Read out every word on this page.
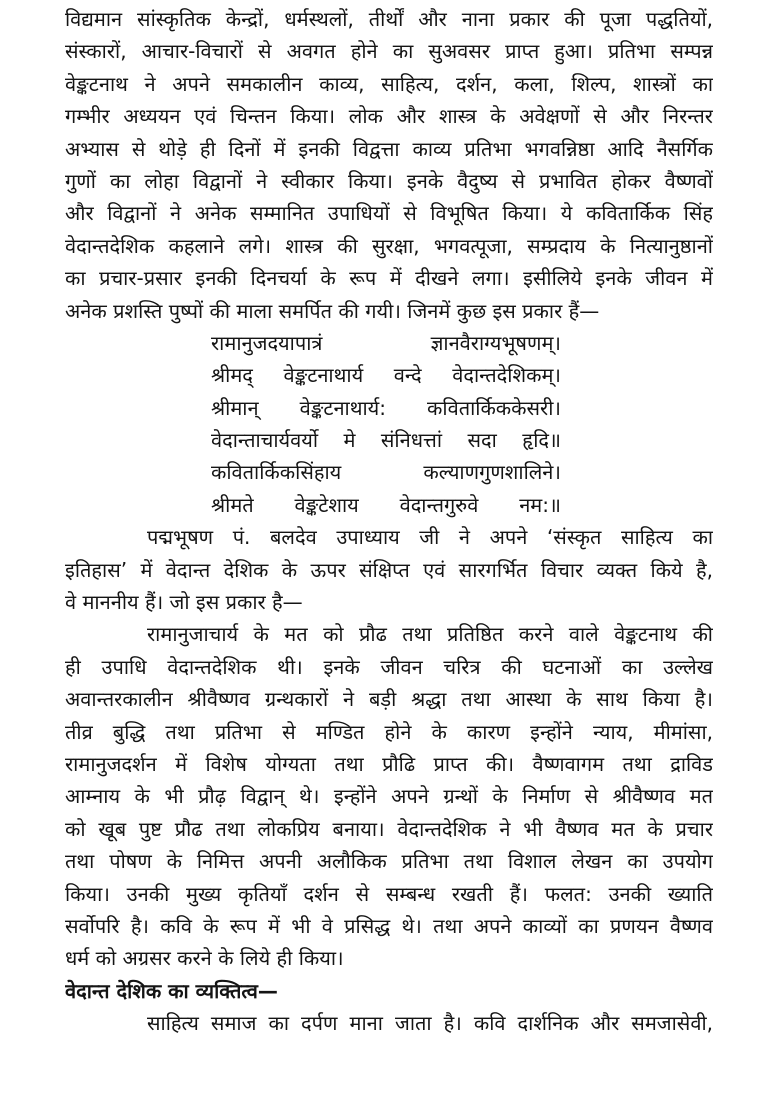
विद्यमान सांस्कृतिक केन्द्रों, धर्मस्थलों, तीर्थों और नाना प्रकार की पूजा पद्धतियों,
संस्कारों, आचार-विचारों से अवगत होने का सुअवसर प्राप्त हुआ। प्रतिभा सम्पन्न
वेङ्कटनाथ ने अपने समकालीन काव्य, साहित्य, दर्शन, कला, शिल्प, शास्त्रों का
गम्भीर अध्ययन एवं चिन्तन किया। लोक और शास्त्र के अवेक्षणों से और निरन्तर
अभ्यास से थोड़े ही दिनों में इनकी विद्वत्ता काव्य प्रतिभा भगवन्निष्ठा आदि नैसर्गिक
गुणों का लोहा विद्वानों ने स्वीकार किया। इनके वैदुष्य से प्रभावित होकर वैष्णवों
और विद्वानों ने अनेक सम्मानित उपाधियों से विभूषित किया। ये कवितार्किक सिंह
वेदान्तदेशिक कहलाने लगे। शास्त्र की सुरक्षा, भगवत्पूजा, सम्प्रदाय के नित्यानुष्ठानों
का प्रचार-प्रसार इनकी दिनचर्या के रूप में दीखने लगा। इसीलिये इनके जीवन में
अनेक प्रशस्ति पुष्पों की माला समर्पित की गयी। जिनमें कुछ इस प्रकार हैं—
रामानुजदयापात्रं ज्ञानवैराग्यभूषणम्।
श्रीमद् वेङ्कटनाथार्य वन्दे वेदान्तदेशिकम्।
श्रीमान् वेङ्कटनाथार्य: कवितार्किककेसरी।
वेदान्ताचार्यवर्यो मे संनिधत्तां सदा हृदि॥
कवितार्किकसिंहाय कल्याणगुणशालिने।
श्रीमते वेङ्कटेशाय वेदान्तगुरुवे नम:॥
पद्मभूषण पं. बलदेव उपाध्याय जी ने अपने ‘संस्कृत साहित्य का
इतिहास’ में वेदान्त देशिक के ऊपर संक्षिप्त एवं सारगर्भित विचार व्यक्त किये है,
वे माननीय हैं। जो इस प्रकार है—
रामानुजाचार्य के मत को प्रौढ तथा प्रतिष्ठित करने वाले वेङ्कटनाथ की
ही उपाधि वेदान्तदेशिक थी। इनके जीवन चरित्र की घटनाओं का उल्लेख
अवान्तरकालीन श्रीवैष्णव ग्रन्थकारों ने बड़ी श्रद्धा तथा आस्था के साथ किया है।
तीव्र बुद्धि तथा प्रतिभा से मण्डित होने के कारण इन्होंने न्याय, मीमांसा,
रामानुजदर्शन में विशेष योग्यता तथा प्रौढि प्राप्त की। वैष्णवागम तथा द्राविड
आम्नाय के भी प्रौढ़ विद्वान् थे। इन्होंने अपने ग्रन्थों के निर्माण से श्रीवैष्णव मत
को खूब पुष्ट प्रौढ तथा लोकप्रिय बनाया। वेदान्तदेशिक ने भी वैष्णव मत के प्रचार
तथा पोषण के निमित्त अपनी अलौकिक प्रतिभा तथा विशाल लेखन का उपयोग
किया। उनकी मुख्य कृतियाँ दर्शन से सम्बन्ध रखती हैं। फलत: उनकी ख्याति
सर्वोपरि है। कवि के रूप में भी वे प्रसिद्ध थे। तथा अपने काव्यों का प्रणयन वैष्णव
धर्म को अग्रसर करने के लिये ही किया।
वेदान्त देशिक का व्यक्तित्व—
साहित्य समाज का दर्पण माना जाता है। कवि दार्शनिक और समजासेवी,
